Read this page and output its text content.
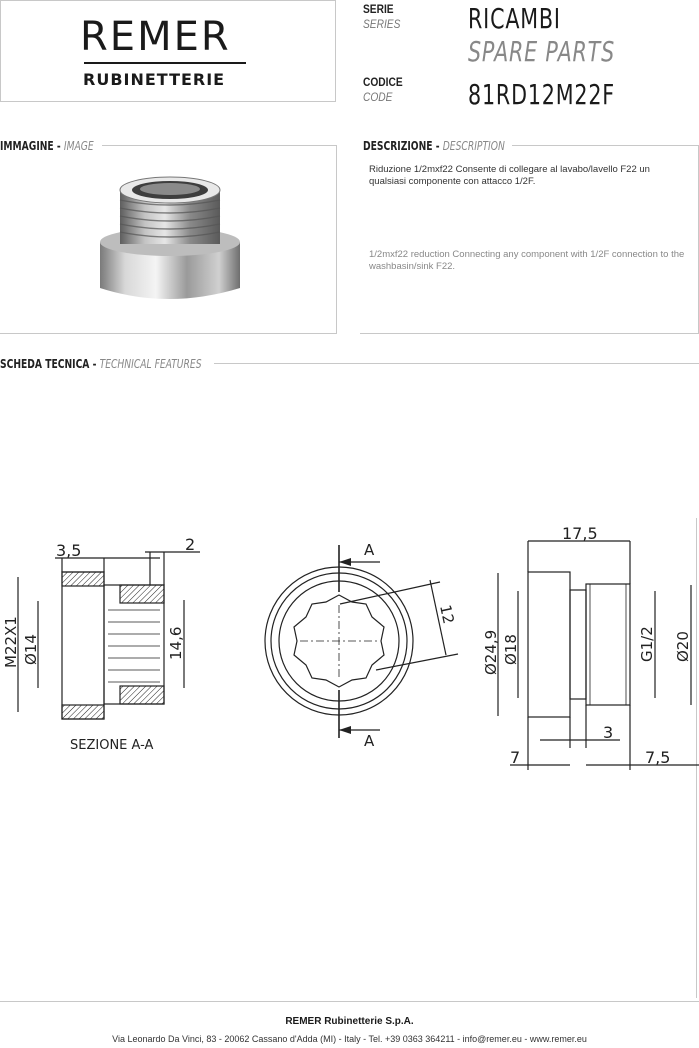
REMER
RUBINETTERIE
SERIE
SERIES RICAMBI
SPARE PARTS
CODICE
CODE	81RD12M22F
IMMAGINE - IMAGE	DESCRIZIONE - DESCRIPTION
Riduzione 1/2mxf22 Consente di collegare al lavabo/lavello F22 un qualsiasi componente con attacco 1/2F.
1/2mxf22 reduction Connecting any component with 1/2F connection to the washbasin/sink F22.
SCHEDA TECNICA - TECHNICAL FEATURES
3,5	2
M22X1 Ø14	14,6
SEZIONE A-A
A
A
12
17,5
Ø24,9 Ø18	G1/2 Ø20
3
7	7,5
REMER Rubinetterie S.p.A.
Via Leonardo Da Vinci, 83 - 20062 Cassano d'Adda (MI) - Italy - Tel. +39 0363 364211 - info@remer.eu - www.remer.eu
